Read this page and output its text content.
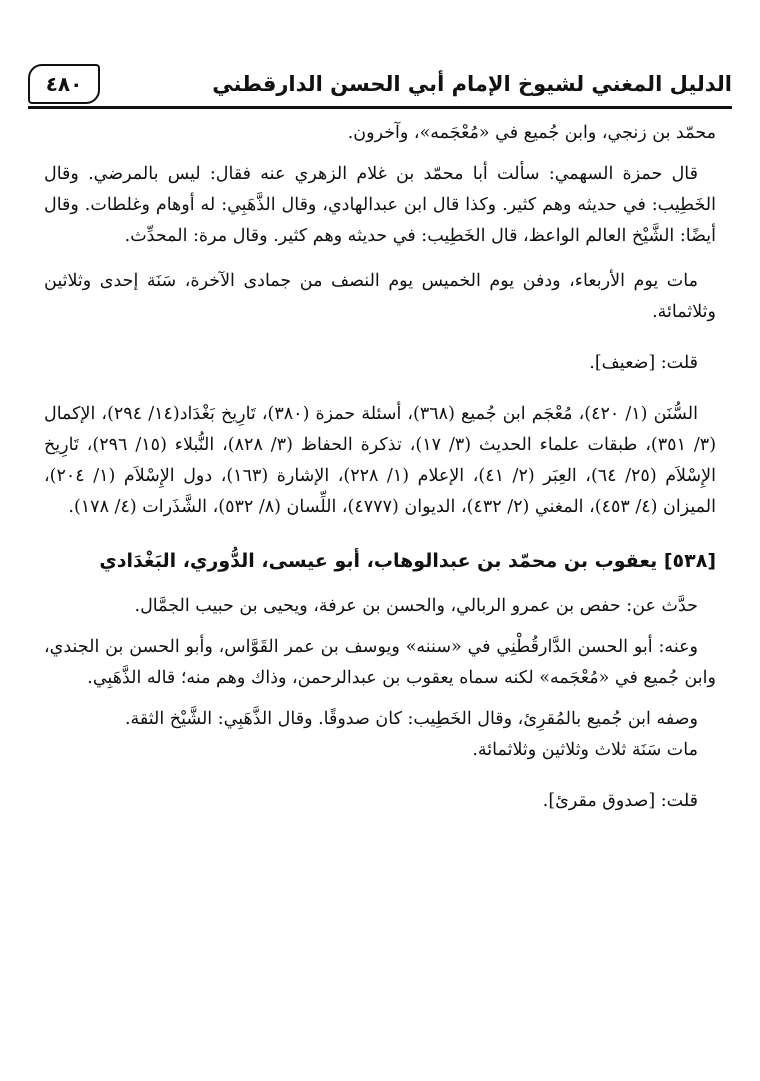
الدليل المغني لشيوخ الإمام أبي الحسن الدارقطني
٤٨٠

محمّد بن زنجي، وابن جُميع في «مُعْجَمه»، وآخرون.

قال حمزة السهمي: سألت أبا محمّد بن غلام الزهري عنه فقال: ليس بالمرضي. وقال الخَطِيب: في حديثه وهم كثير. وكذا قال ابن عبدالهادي، وقال الذَّهَبِي: له أوهام وغلطات. وقال أيضًا: الشَّيْخ العالم الواعظ، قال الخَطِيب: في حديثه وهم كثير. وقال مرة: المحدِّث.

مات يوم الأربعاء، ودفن يوم الخميس يوم النصف من جمادى الآخرة، سَنَة إحدى وثلاثين وثلاثمائة.

قلت: [ضعيف].

السُّنَن (١/ ٤٢٠)، مُعْجَم ابن جُميع (٣٦٨)، أسئلة حمزة (٣٨٠)، تَارِيخ بَغْدَاد(١٤/ ٢٩٤)، الإكمال (٣/ ٣٥١)، طبقات علماء الحديث (٣/ ١٧)، تذكرة الحفاظ (٣/ ٨٢٨)، النُّبلاء (١٥/ ٢٩٦)، تَارِيخ الإِسْلاَم (٢٥/ ٦٤)، العِبَر (٢/ ٤١)، الإعلام (١/ ٢٢٨)، الإشارة (١٦٣)، دول الإِسْلاَم (١/ ٢٠٤)، الميزان (٤/ ٤٥٣)، المغني (٢/ ٤٣٢)، الديوان (٤٧٧٧)، اللِّسان (٨/ ٥٣٢)، الشَّذَرات (٤/ ١٧٨).

[٥٣٨] يعقوب بن محمّد بن عبدالوهاب، أبو عيسى، الدُّوري، البَغْدَادي

حدَّث عن: حفص بن عمرو الربالي، والحسن بن عرفة، ويحيى بن حبيب الجمَّال.

وعنه: أبو الحسن الدَّارقُطْنِي في «سننه» ويوسف بن عمر القَوَّاس، وأبو الحسن بن الجندي، وابن جُميع في «مُعْجَمه» لكنه سماه يعقوب بن عبدالرحمن، وذاك وهم منه؛ قاله الذَّهَبِي.

وصفه ابن جُميع بالمُقرِئ، وقال الخَطِيب: كان صدوقًا. وقال الذَّهَبِي: الشَّيْخ الثقة.

مات سَنَة ثلاث وثلاثين وثلاثمائة.

قلت: [صدوق مقرئ].
